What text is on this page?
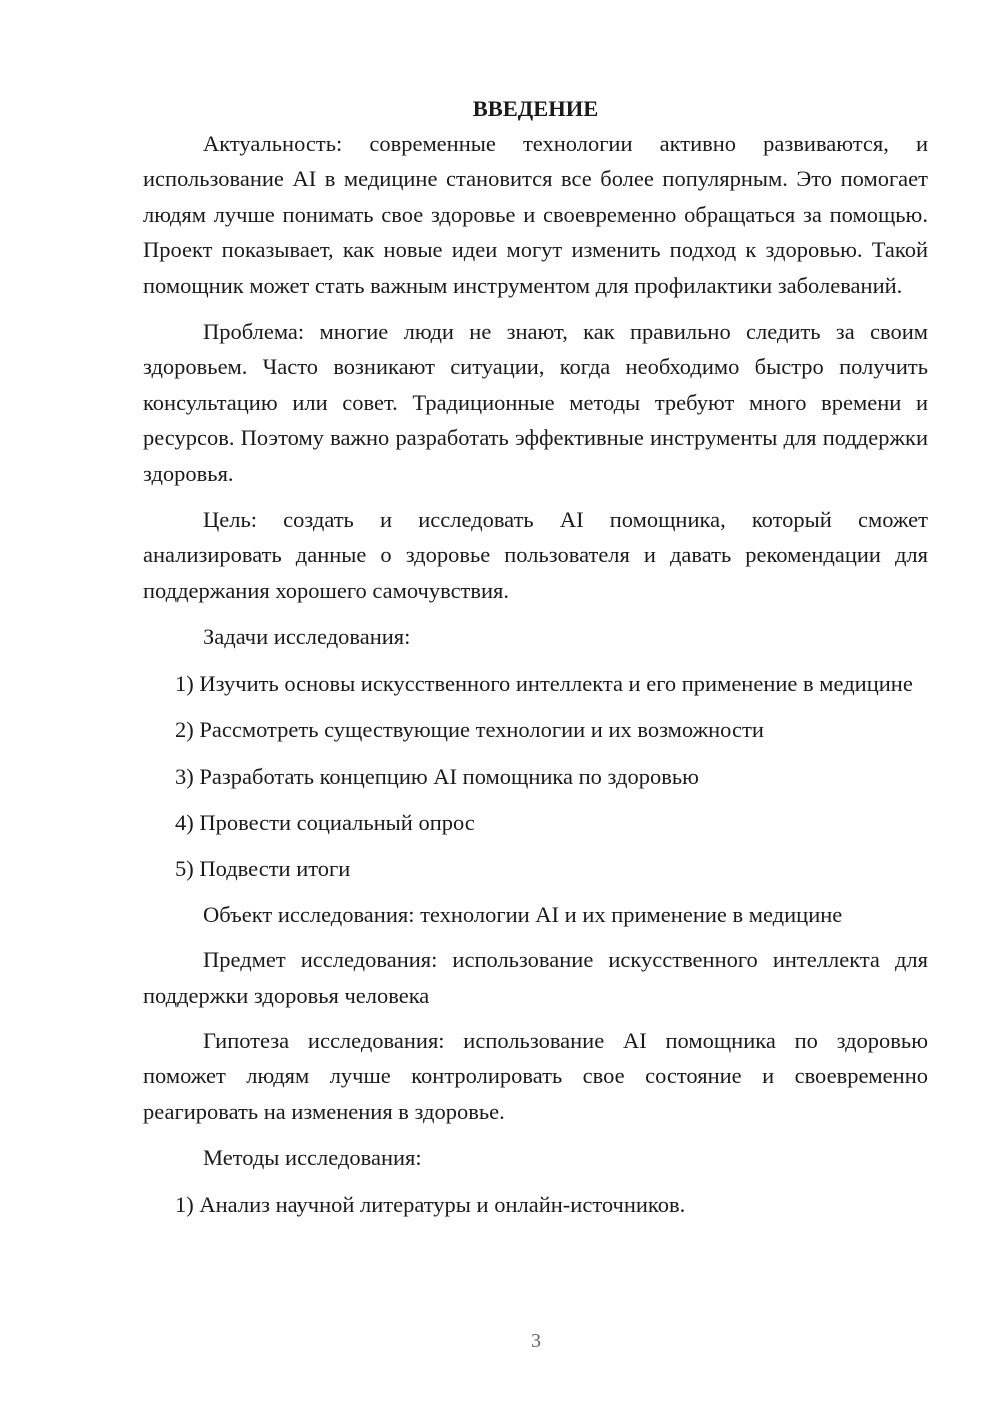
ВВЕДЕНИЕ

Актуальность: современные технологии активно развиваются, и использование AI в медицине становится все более популярным. Это помогает людям лучше понимать свое здоровье и своевременно обращаться за помощью. Проект показывает, как новые идеи могут изменить подход к здоровью. Такой помощник может стать важным инструментом для профилактики заболеваний.

Проблема: многие люди не знают, как правильно следить за своим здоровьем. Часто возникают ситуации, когда необходимо быстро получить консультацию или совет. Традиционные методы требуют много времени и ресурсов. Поэтому важно разработать эффективные инструменты для поддержки здоровья.

Цель: создать и исследовать AI помощника, который сможет анализировать данные о здоровье пользователя и давать рекомендации для поддержания хорошего самочувствия.

Задачи исследования:

1) Изучить основы искусственного интеллекта и его применение в медицине

2) Рассмотреть существующие технологии и их возможности

3) Разработать концепцию AI помощника по здоровью

4) Провести социальный опрос

5) Подвести итоги

Объект исследования: технологии AI и их применение в медицине

Предмет исследования: использование искусственного интеллекта для поддержки здоровья человека

Гипотеза исследования: использование AI помощника по здоровью поможет людям лучше контролировать свое состояние и своевременно реагировать на изменения в здоровье.

Методы исследования:

1) Анализ научной литературы и онлайн-источников.

3
